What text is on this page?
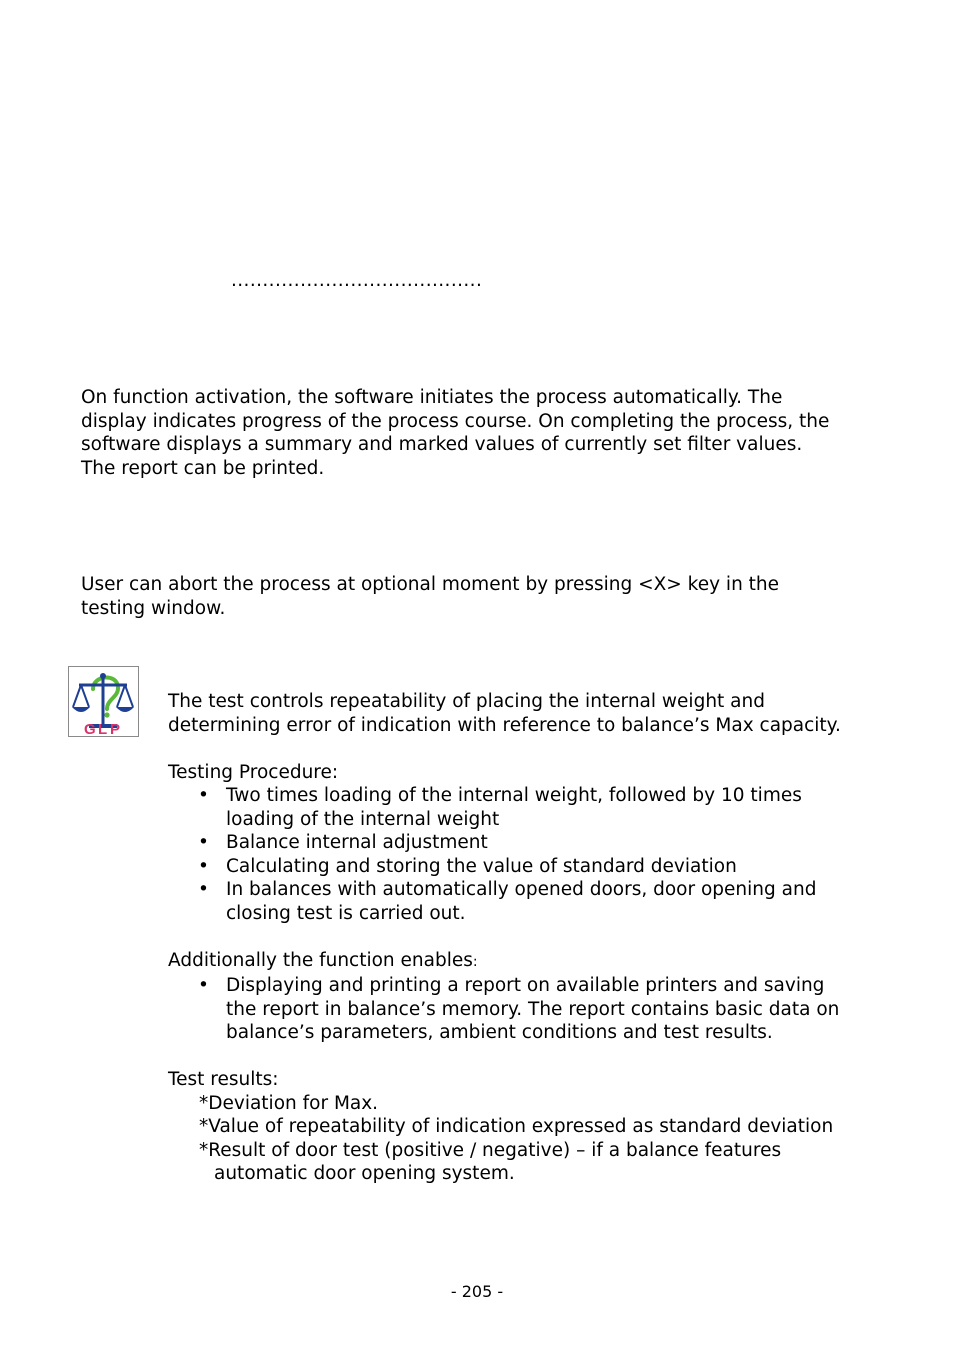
........................................
On function activation, the software initiates the process automatically. The
display indicates progress of the process course. On completing the process, the
software displays a summary and marked values of currently set filter values.
The report can be printed.
User can abort the process at optional moment by pressing <X> key in the
testing window.
G L P
The test controls repeatability of placing the internal weight and
determining error of indication with reference to balance’s Max capacity.
Testing Procedure:
• Two times loading of the internal weight, followed by 10 times
loading of the internal weight
• Balance internal adjustment
• Calculating and storing the value of standard deviation
• In balances with automatically opened doors, door opening and
closing test is carried out.
Additionally the function enables:
• Displaying and printing a report on available printers and saving
the report in balance’s memory. The report contains basic data on
balance’s parameters, ambient conditions and test results.
Test results:
*Deviation for Max.
*Value of repeatability of indication expressed as standard deviation
*Result of door test (positive / negative) – if a balance features
automatic door opening system.
- 205 -
